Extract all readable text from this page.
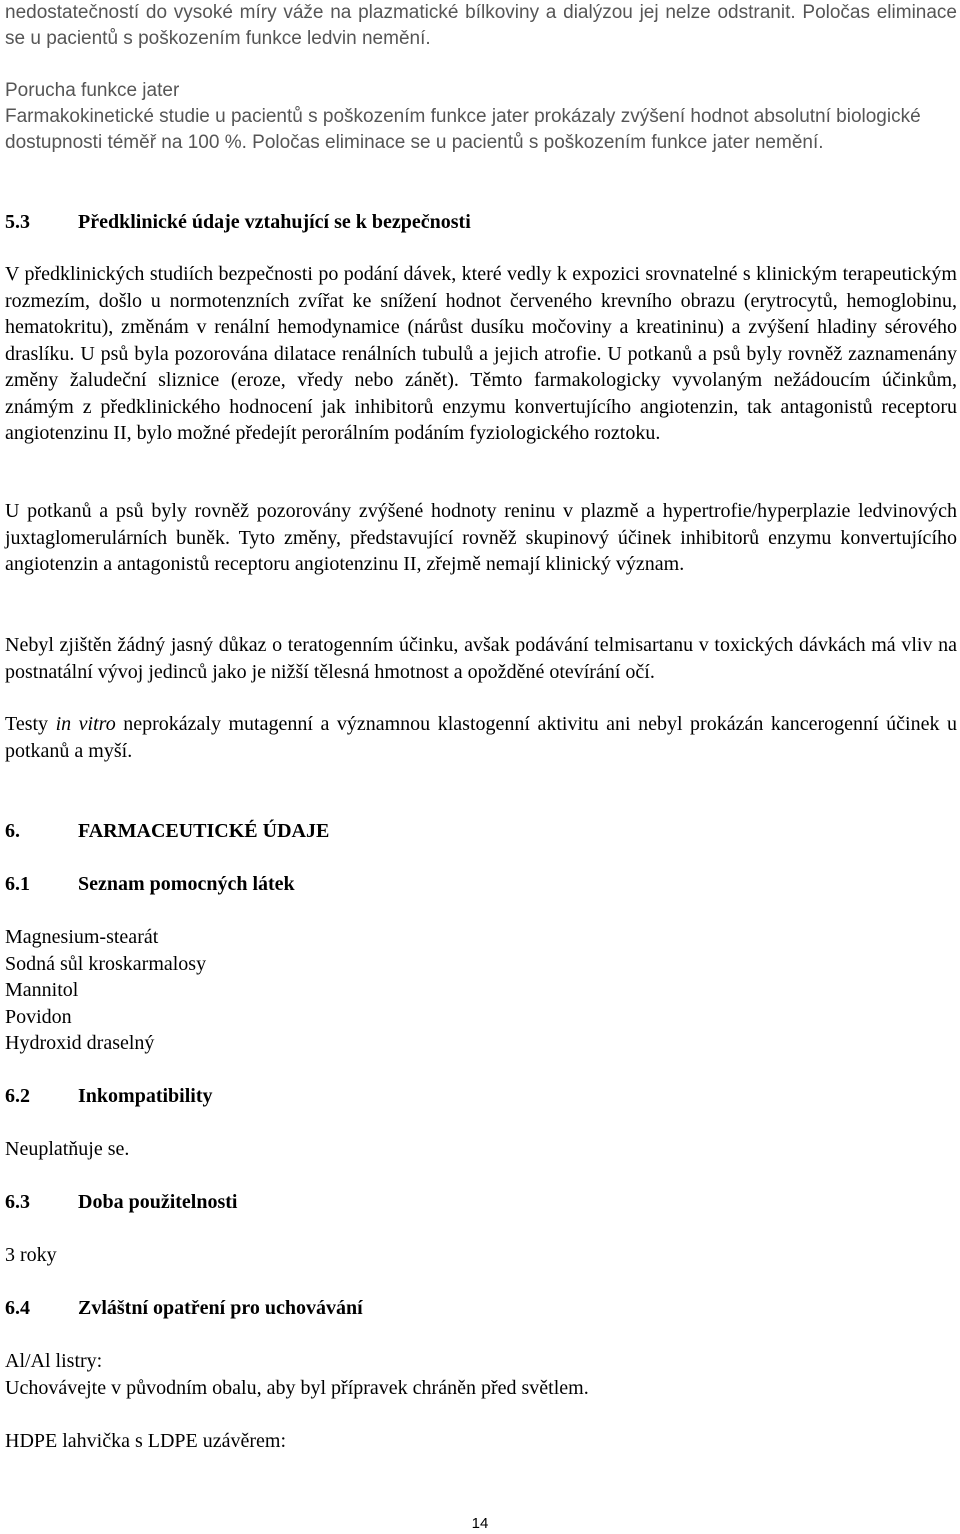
nedostatečností do vysoké míry váže na plazmatické bílkoviny a dialýzou jej nelze odstranit. Poločas eliminace se u pacientů s poškozením funkce ledvin nemění.

Porucha funkce jater
Farmakokinetické studie u pacientů s poškozením funkce jater prokázaly zvýšení hodnot absolutní biologické dostupnosti téměř na 100 %. Poločas eliminace se u pacientů s poškozením funkce jater nemění.
5.3 Předklinické údaje vztahující se k bezpečnosti

V předklinických studiích bezpečnosti po podání dávek, které vedly k expozici srovnatelné s klinickým terapeutickým rozmezím, došlo u normotenzních zvířat ke snížení hodnot červeného krevního obrazu (erytrocytů, hemoglobinu, hematokritu), změnám v renální hemodynamice (nárůst dusíku močoviny a kreatininu) a zvýšení hladiny sérového draslíku. U psů byla pozorována dilatace renálních tubulů a jejich atrofie. U potkanů a psů byly rovněž zaznamenány změny žaludeční sliznice (eroze, vředy nebo zánět). Těmto farmakologicky vyvolaným nežádoucím účinkům, známým z předklinického hodnocení jak inhibitorů enzymu konvertujícího angiotenzin, tak antagonistů receptoru angiotenzinu II, bylo možné předejít perorálním podáním fyziologického roztoku.

U potkanů a psů byly rovněž pozorovány zvýšené hodnoty reninu v plazmě a hypertrofie/hyperplazie ledvinových juxtaglomerulárních buněk. Tyto změny, představující rovněž skupinový účinek inhibitorů enzymu konvertujícího angiotenzin a antagonistů receptoru angiotenzinu II, zřejmě nemají klinický význam.

Nebyl zjištěn žádný jasný důkaz o teratogenním účinku, avšak podávání telmisartanu v toxických dávkách má vliv na postnatální vývoj jedinců jako je nižší tělesná hmotnost a opožděné otevírání očí.

Testy in vitro neprokázaly mutagenní a významnou klastogenní aktivitu ani nebyl prokázán kancerogenní účinek u potkanů a myší.

6.	FARMACEUTICKÉ ÚDAJE
6.1 Seznam pomocných látek
Magnesium-stearát
Sodná sůl kroskarmalosy
Mannitol
Povidon
Hydroxid draselný
6.2 Inkompatibility
Neuplatňuje se.
6.3 Doba použitelnosti
3 roky
6.4 Zvláštní opatření pro uchovávání
Al/Al listry:
Uchovávejte v původním obalu, aby byl přípravek chráněn před světlem.
HDPE lahvička s LDPE uzávěrem:
14
